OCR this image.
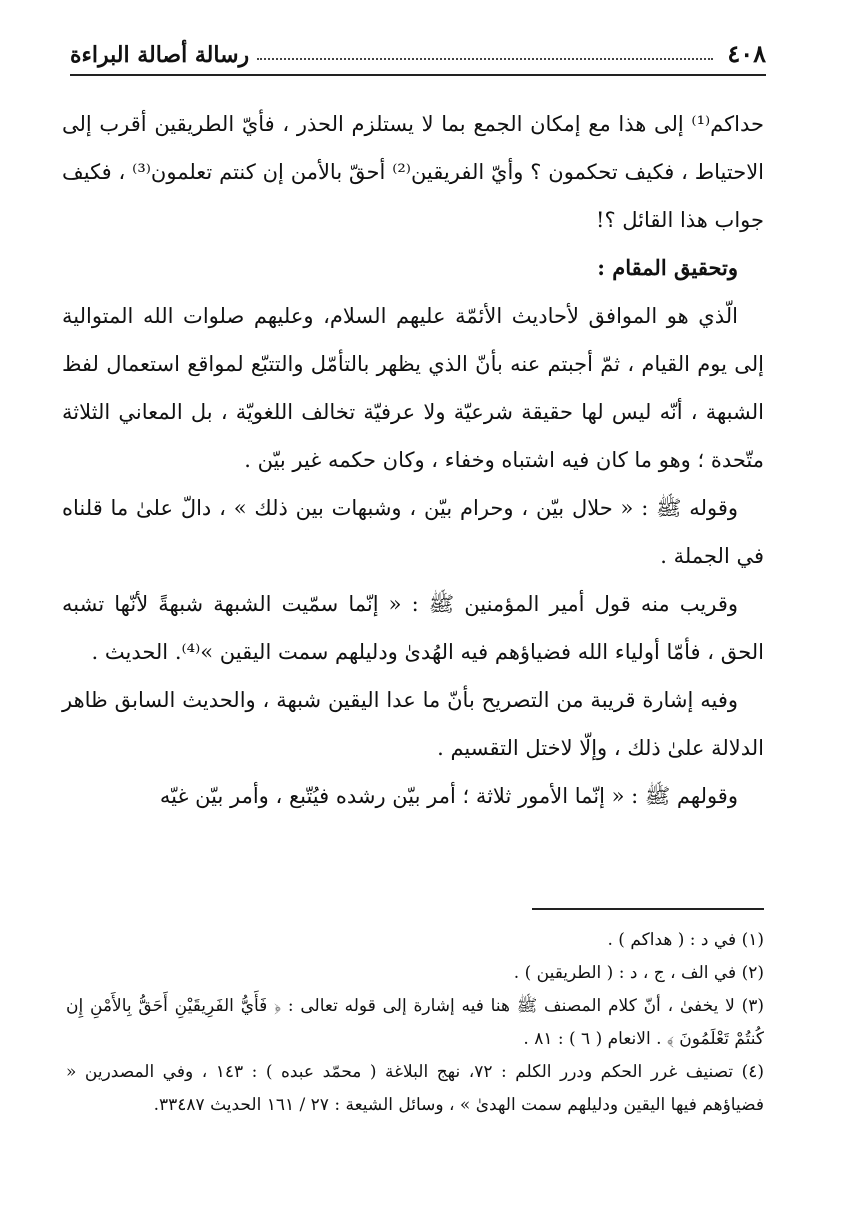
٤٠٨
رسالة أصالة البراءة

حداكم⁽¹⁾ إلى هذا مع إمكان الجمع بما لا يستلزم الحذر ، فأيّ الطريقين أقرب إلى الاحتياط ، فكيف تحكمون ؟ وأيّ الفريقين⁽²⁾ أحقّ بالأمن إن كنتم تعلمون⁽³⁾ ، فكيف جواب هذا القائل ؟!

وتحقيق المقام :

الّذي هو الموافق لأحاديث الأئمّة عليهم السلام، وعليهم صلوات الله المتوالية إلى يوم القيام ، ثمّ أجبتم عنه بأنّ الذي يظهر بالتأمّل والتتبّع لمواقع استعمال لفظ الشبهة ، أنّه ليس لها حقيقة شرعيّة ولا عرفيّة تخالف اللغويّة ، بل المعاني الثلاثة متّحدة ؛ وهو ما كان فيه اشتباه وخفاء ، وكان حكمه غير بيّن .

وقوله ﷺ : « حلال بيّن ، وحرام بيّن ، وشبهات بين ذلك » ، دالّ علىٰ ما قلناه في الجملة .

وقريب منه قول أمير المؤمنين ﷺ : « إنّما سمّيت الشبهة شبهةً لأنّها تشبه الحق ، فأمّا أولياء الله فضياؤهم فيه الهُدىٰ ودليلهم سمت اليقين »⁽⁴⁾. الحديث .

وفيه إشارة قريبة من التصريح بأنّ ما عدا اليقين شبهة ، والحديث السابق ظاهر الدلالة علىٰ ذلك ، وإلّا لاختل التقسيم .

وقولهم ﷺ : « إنّما الأمور ثلاثة ؛ أمر بيّن رشده فيُتّبع ، وأمر بيّن غيّه

(١) في د : ( هداكم ) .

(٢) في الف ، ج ، د : ( الطريقين ) .

(٣) لا يخفىٰ ، أنّ كلام المصنف ﷺ هنا فيه إشارة إلى قوله تعالى : ﴿ فَأَيُّ الفَرِيقَيْنِ أَحَقُّ بِالأَمْنِ إِن كُنتُمْ تَعْلَمُونَ ﴾ . الانعام ( ٦ ) : ٨١ .

(٤) تصنيف غرر الحكم ودرر الكلم : ٧٢، نهج البلاغة ( محمّد عبده ) : ١٤٣ ، وفي المصدرين « فضياؤهم فيها اليقين ودليلهم سمت الهدىٰ » ، وسائل الشيعة : ٢٧ / ١٦١ الحديث ٣٣٤٨٧.
